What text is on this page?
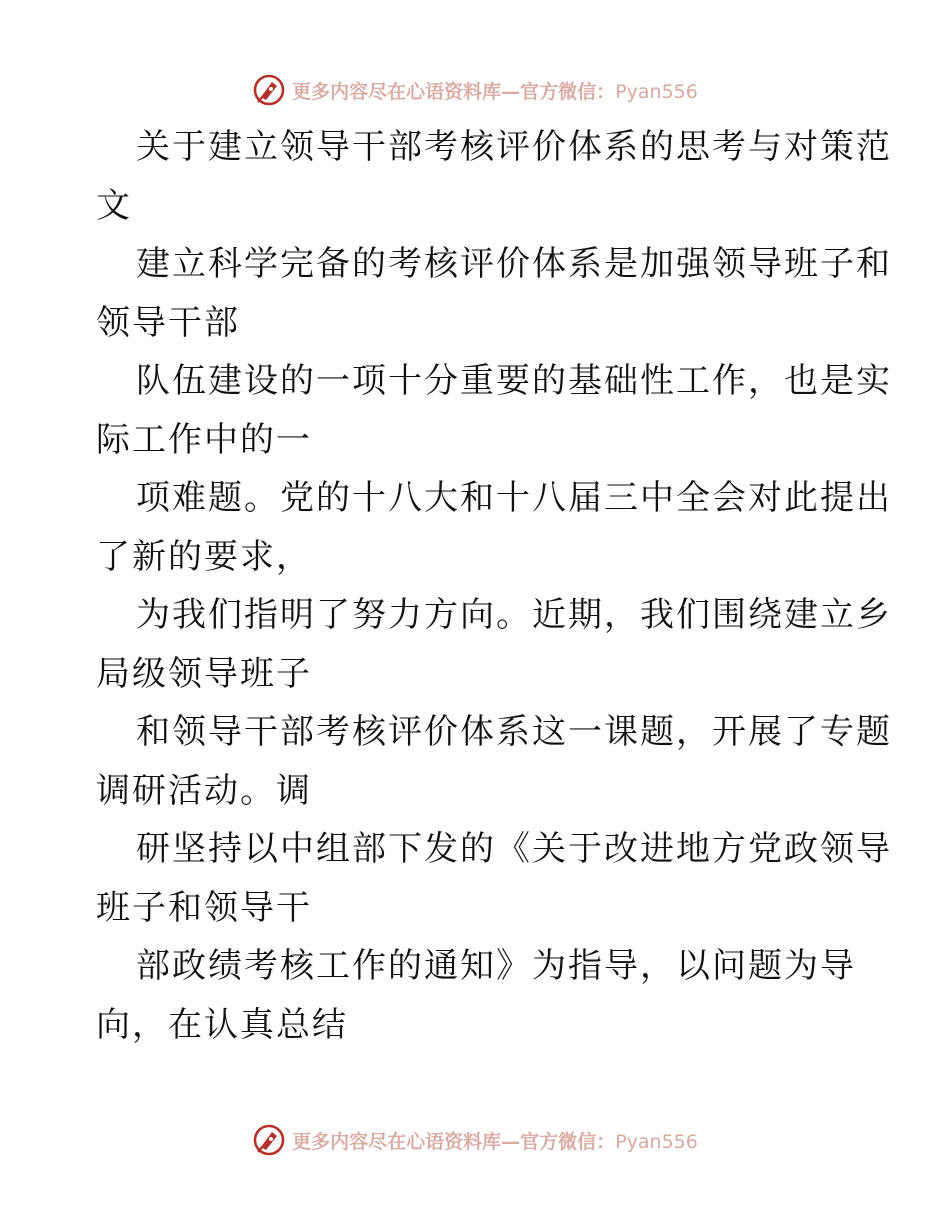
更多内容尽在心语资料库—官方微信：Pyan556
关于建立领导干部考核评价体系的思考与对策范
文
建立科学完备的考核评价体系是加强领导班子和
领导干部
队伍建设的一项十分重要的基础性工作，也是实
际工作中的一
项难题。党的十八大和十八届三中全会对此提出
了新的要求，
为我们指明了努力方向。近期，我们围绕建立乡
局级领导班子
和领导干部考核评价体系这一课题，开展了专题
调研活动。调
研坚持以中组部下发的《关于改进地方党政领导
班子和领导干
部政绩考核工作的通知》为指导，以问题为导
向，在认真总结
更多内容尽在心语资料库—官方微信：Pyan556
